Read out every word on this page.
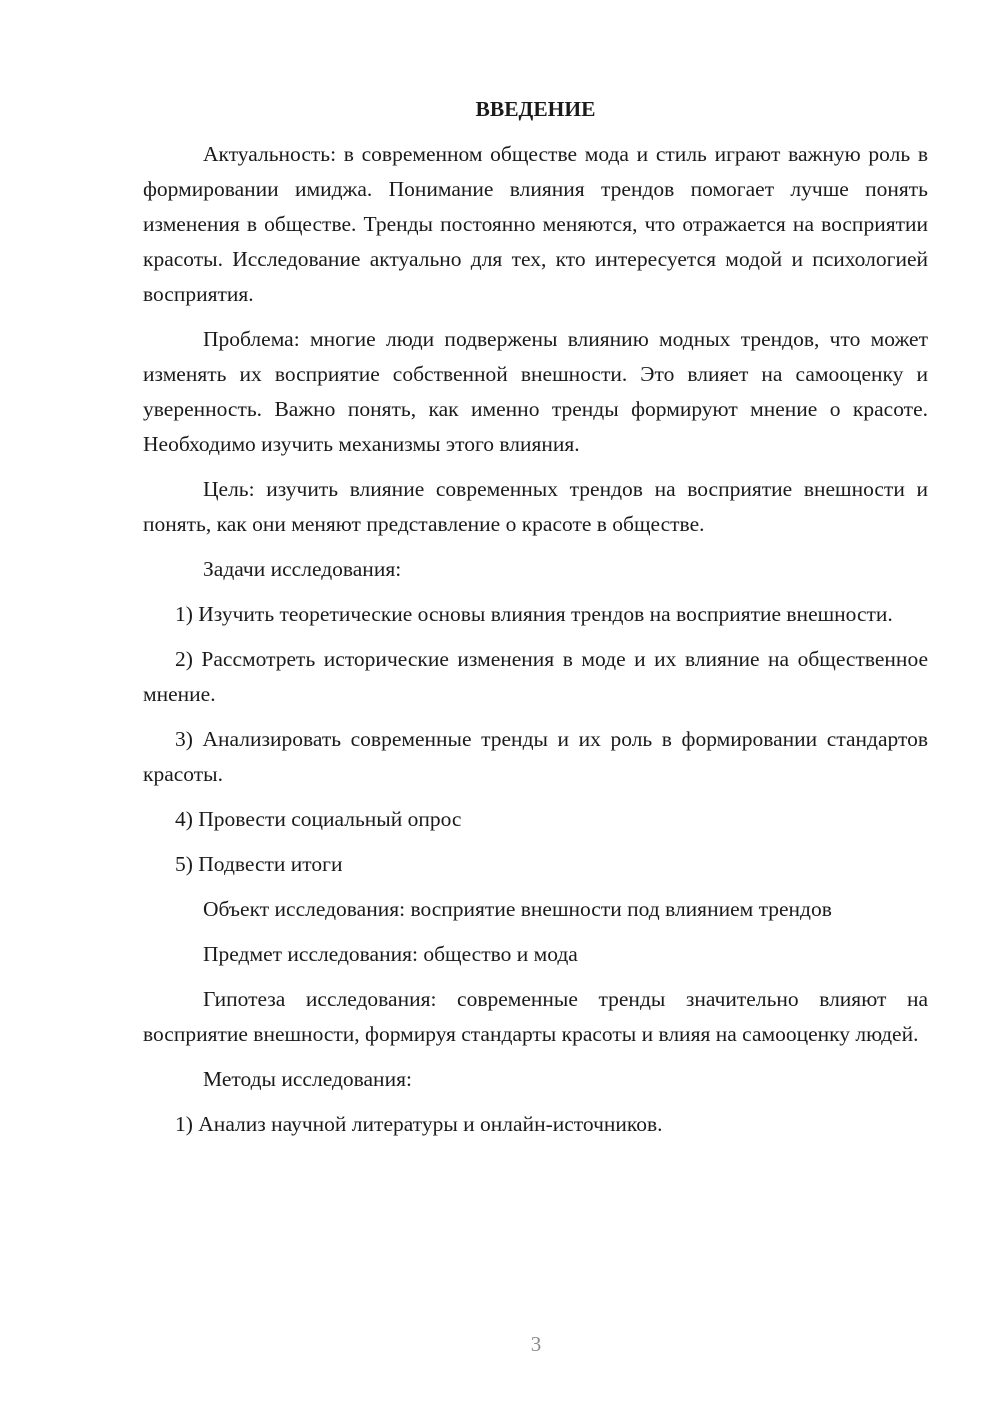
ВВЕДЕНИЕ
Актуальность: в современном обществе мода и стиль играют важную роль в формировании имиджа. Понимание влияния трендов помогает лучше понять изменения в обществе. Тренды постоянно меняются, что отражается на восприятии красоты. Исследование актуально для тех, кто интересуется модой и психологией восприятия.
Проблема: многие люди подвержены влиянию модных трендов, что может изменять их восприятие собственной внешности. Это влияет на самооценку и уверенность. Важно понять, как именно тренды формируют мнение о красоте. Необходимо изучить механизмы этого влияния.
Цель: изучить влияние современных трендов на восприятие внешности и понять, как они меняют представление о красоте в обществе.
Задачи исследования:
1) Изучить теоретические основы влияния трендов на восприятие внешности.
2) Рассмотреть исторические изменения в моде и их влияние на общественное мнение.
3) Анализировать современные тренды и их роль в формировании стандартов красоты.
4) Провести социальный опрос
5) Подвести итоги
Объект исследования: восприятие внешности под влиянием трендов
Предмет исследования: общество и мода
Гипотеза исследования: современные тренды значительно влияют на восприятие внешности, формируя стандарты красоты и влияя на самооценку людей.
Методы исследования:
1) Анализ научной литературы и онлайн-источников.
3
